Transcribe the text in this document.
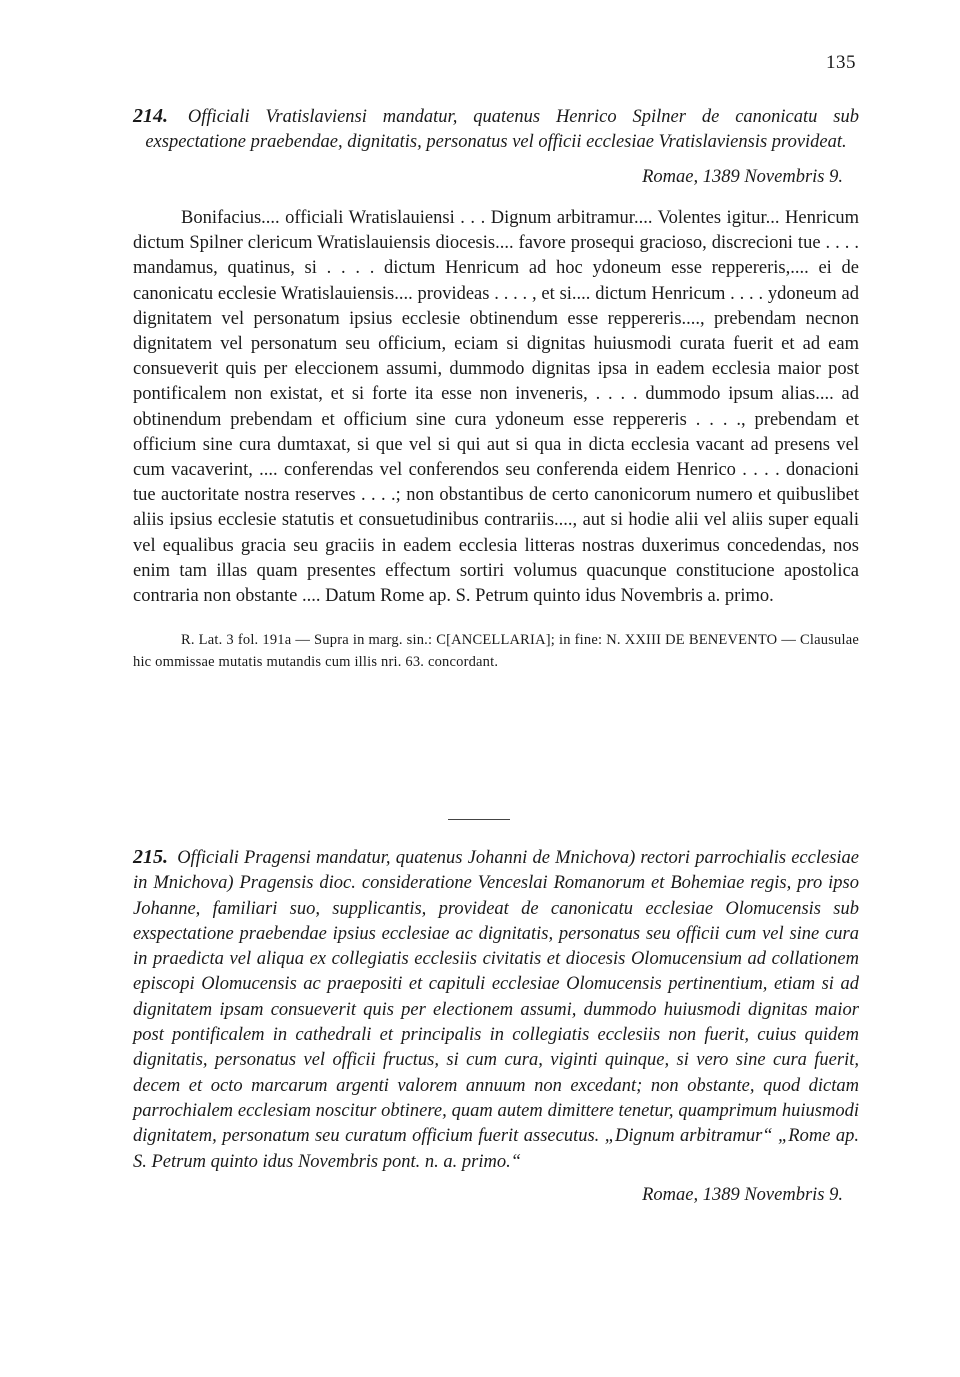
135

214. Officiali Vratislaviensi mandatur, quatenus Henrico Spilner de canonicatu sub exspectatione praebendae, dignitatis, personatus vel officii ecclesiae Vratislaviensis provideat.

Romae, 1389 Novembris 9.

Bonifacius.... officiali Wratislauiensi . . . Dignum arbitramur.... Volentes igitur... Henricum dictum Spilner clericum Wratislauiensis diocesis.... favore prosequi gracioso, discrecioni tue . . . . mandamus, quatinus, si . . . . dictum Henricum ad hoc ydoneum esse reppereris,.... ei de canonicatu ecclesie Wratislauiensis.... provideas . . . . , et si.... dictum Henricum . . . . ydoneum ad dignitatem vel personatum ipsius ecclesie obtinendum esse reppereris...., prebendam necnon dignitatem vel personatum seu officium, eciam si dignitas huiusmodi curata fuerit et ad eam consueverit quis per eleccionem assumi, dummodo dignitas ipsa in eadem ecclesia maior post pontificalem non existat, et si forte ita esse non inveneris, . . . . dummodo ipsum alias.... ad obtinendum prebendam et officium sine cura ydoneum esse reppereris . . . ., prebendam et officium sine cura dumtaxat, si que vel si qui aut si qua in dicta ecclesia vacant ad presens vel cum vacaverint, .... conferendas vel conferendos seu conferenda eidem Henrico . . . . donacioni tue auctoritate nostra reserves . . . .; non obstantibus de certo canonicorum numero et quibuslibet aliis ipsius ecclesie statutis et consuetudinibus contrariis...., aut si hodie alii vel aliis super equali vel equalibus gracia seu graciis in eadem ecclesia litteras nostras duxerimus concedendas, nos enim tam illas quam presentes effectum sortiri volumus quacunque constitucione apostolica contraria non obstante .... Datum Rome ap. S. Petrum quinto idus Novembris a. primo.

R. Lat. 3 fol. 191a — Supra in marg. sin.: C[ANCELLARIA]; in fine: N. XXIII DE BENEVENTO — Clausulae hic ommissae mutatis mutandis cum illis nri. 63. concordant.

215. Officiali Pragensi mandatur, quatenus Johanni de Mnichova) rectori parrochialis ecclesiae in Mnichova) Pragensis dioc. consideratione Venceslai Romanorum et Bohemiae regis, pro ipso Johanne, familiari suo, supplicantis, provideat de canonicatu ecclesiae Olomucensis sub exspectatione praebendae ipsius ecclesiae ac dignitatis, personatus seu officii cum vel sine cura in praedicta vel aliqua ex collegiatis ecclesiis civitatis et diocesis Olomucensium ad collationem episcopi Olomucensis ac praepositi et capituli ecclesiae Olomucensis pertinentium, etiam si ad dignitatem ipsam consueverit quis per electionem assumi, dummodo huiusmodi dignitas maior post pontificalem in cathedrali et principalis in collegiatis ecclesiis non fuerit, cuius quidem dignitatis, personatus vel officii fructus, si cum cura, viginti quinque, si vero sine cura fuerit, decem et octo marcarum argenti valorem annuum non excedant; non obstante, quod dictam parrochialem ecclesiam noscitur obtinere, quam autem dimittere tenetur, quamprimum huiusmodi dignitatem, personatum seu curatum officium fuerit assecutus. „Dignum arbitramur“ „Rome ap. S. Petrum quinto idus Novembris pont. n. a. primo.“

Romae, 1389 Novembris 9.
